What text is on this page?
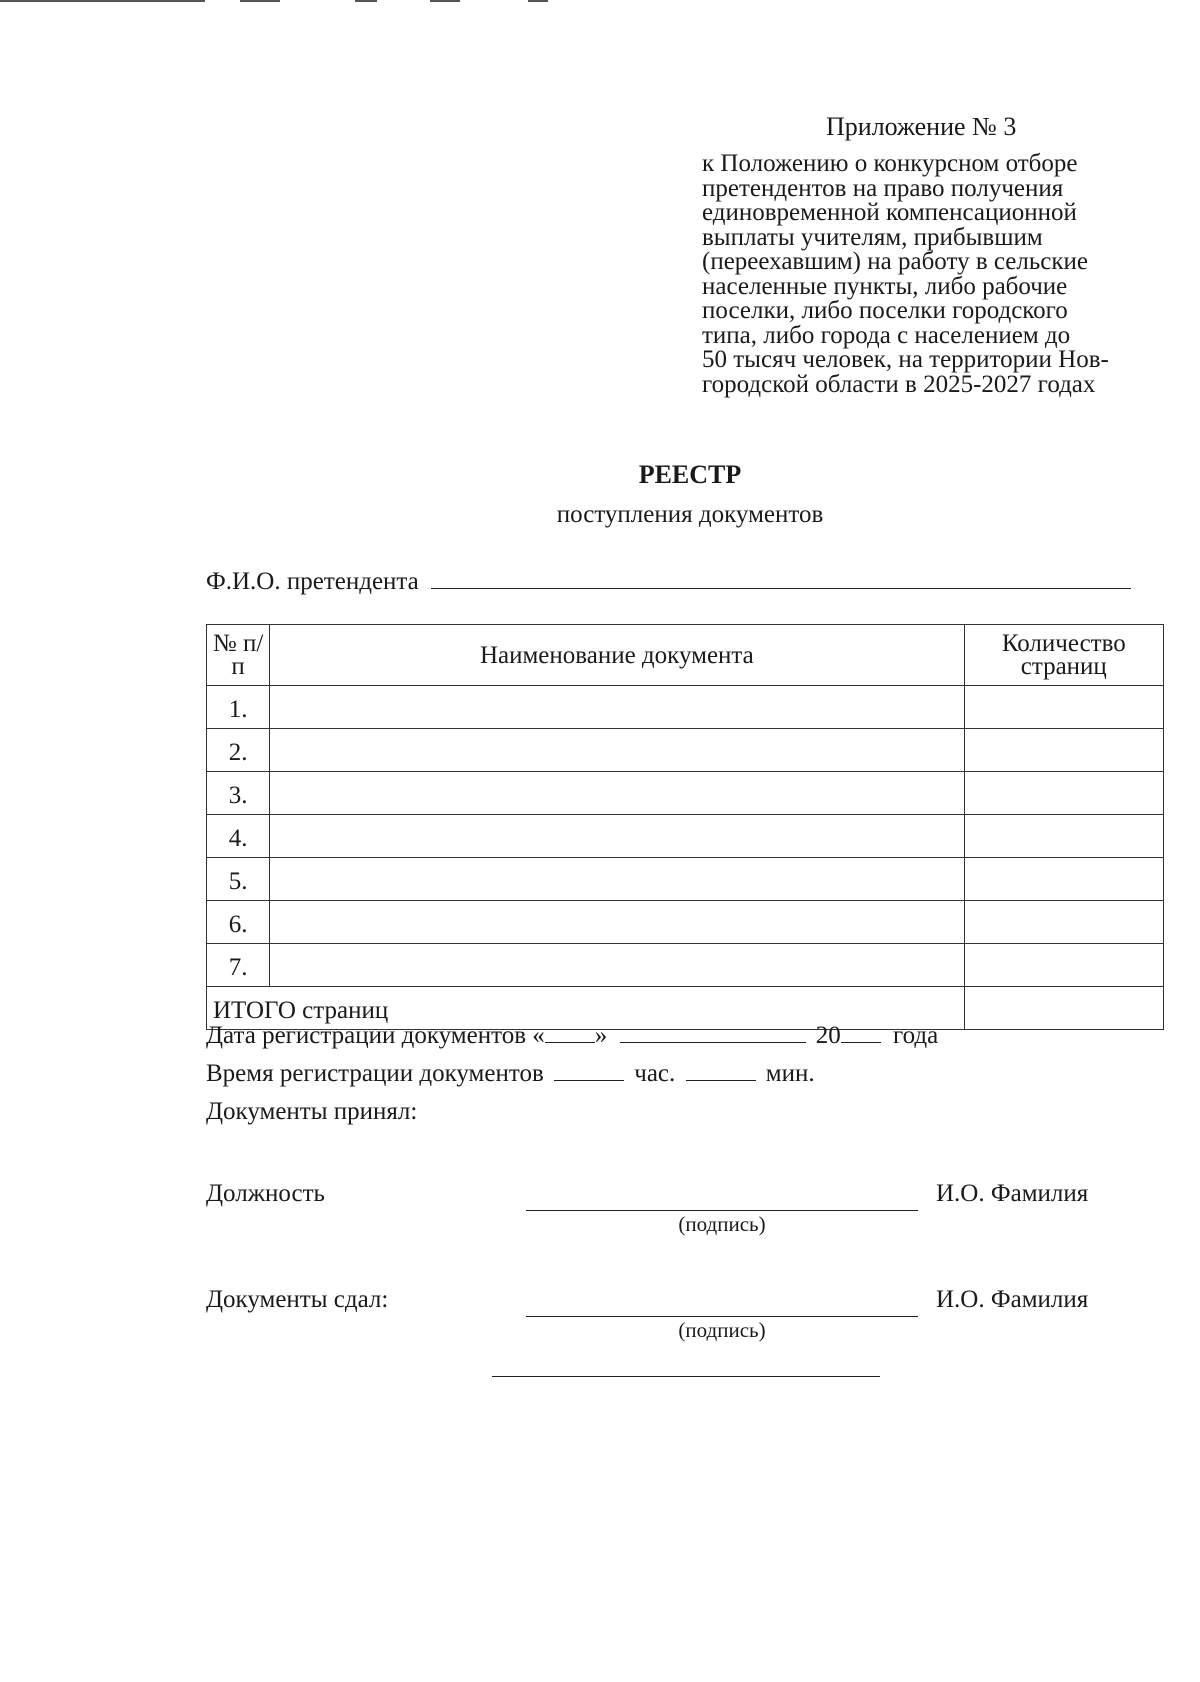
Приложение № 3
к Положению о конкурсном отборе
претендентов на право получения
единовременной компенсационной
выплаты учителям, прибывшим
(переехавшим) на работу в сельские
населенные пункты, либо рабочие
поселки, либо поселки городского
типа, либо города с населением до
50 тысяч человек, на территории Нов-
городской области в 2025-2027 годах
РЕЕСТР
поступления документов
Ф.И.О. претендента
№ п/п	Наименование документа	Количество страниц
1.		
2.		
3.		
4.		
5.		
6.		
7.		
ИТОГО страниц		
Дата регистрации документов « »	20 года
Время регистрации документов	час.	мин.
Документы принял:
Должность
(подпись)
И.О. Фамилия
Документы сдал:
(подпись)
И.О. Фамилия
